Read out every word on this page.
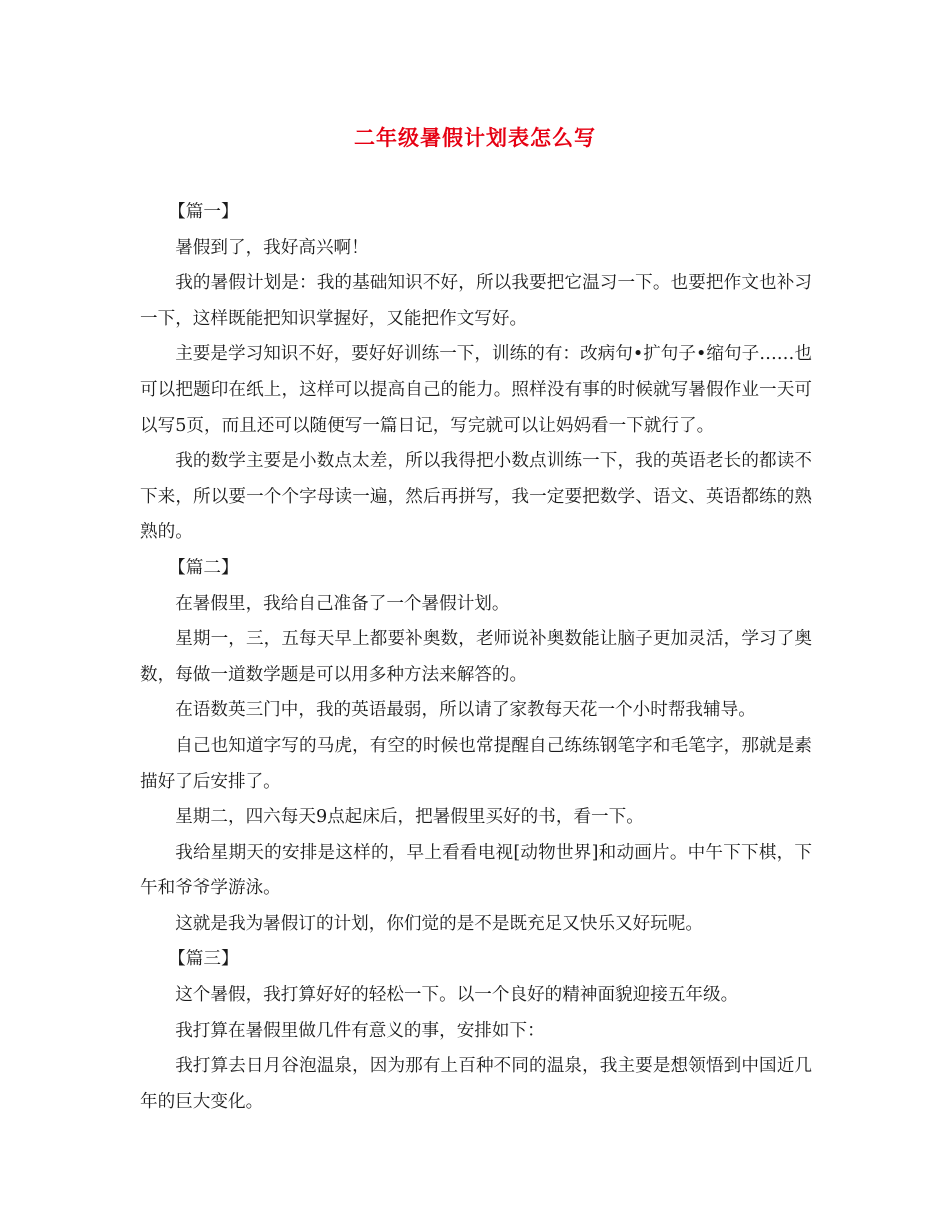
二年级暑假计划表怎么写

【篇一】

暑假到了，我好高兴啊！

我的暑假计划是：我的基础知识不好，所以我要把它温习一下。也要把作文也补习一下，这样既能把知识掌握好，又能把作文写好。

主要是学习知识不好，要好好训练一下，训练的有：改病句•扩句子•缩句子……也可以把题印在纸上，这样可以提高自己的能力。照样没有事的时候就写暑假作业一天可以写5页，而且还可以随便写一篇日记，写完就可以让妈妈看一下就行了。

我的数学主要是小数点太差，所以我得把小数点训练一下，我的英语老长的都读不下来，所以要一个个字母读一遍，然后再拼写，我一定要把数学、语文、英语都练的熟熟的。

【篇二】

在暑假里，我给自己准备了一个暑假计划。

星期一，三，五每天早上都要补奥数，老师说补奥数能让脑子更加灵活，学习了奥数，每做一道数学题是可以用多种方法来解答的。

在语数英三门中，我的英语最弱，所以请了家教每天花一个小时帮我辅导。

自己也知道字写的马虎，有空的时候也常提醒自己练练钢笔字和毛笔字，那就是素描好了后安排了。

星期二，四六每天9点起床后，把暑假里买好的书，看一下。

我给星期天的安排是这样的，早上看看电视[动物世界]和动画片。中午下下棋，下午和爷爷学游泳。

这就是我为暑假订的计划，你们觉的是不是既充足又快乐又好玩呢。

【篇三】

这个暑假，我打算好好的轻松一下。以一个良好的精神面貌迎接五年级。

我打算在暑假里做几件有意义的事，安排如下：

我打算去日月谷泡温泉，因为那有上百种不同的温泉，我主要是想领悟到中国近几年的巨大变化。
